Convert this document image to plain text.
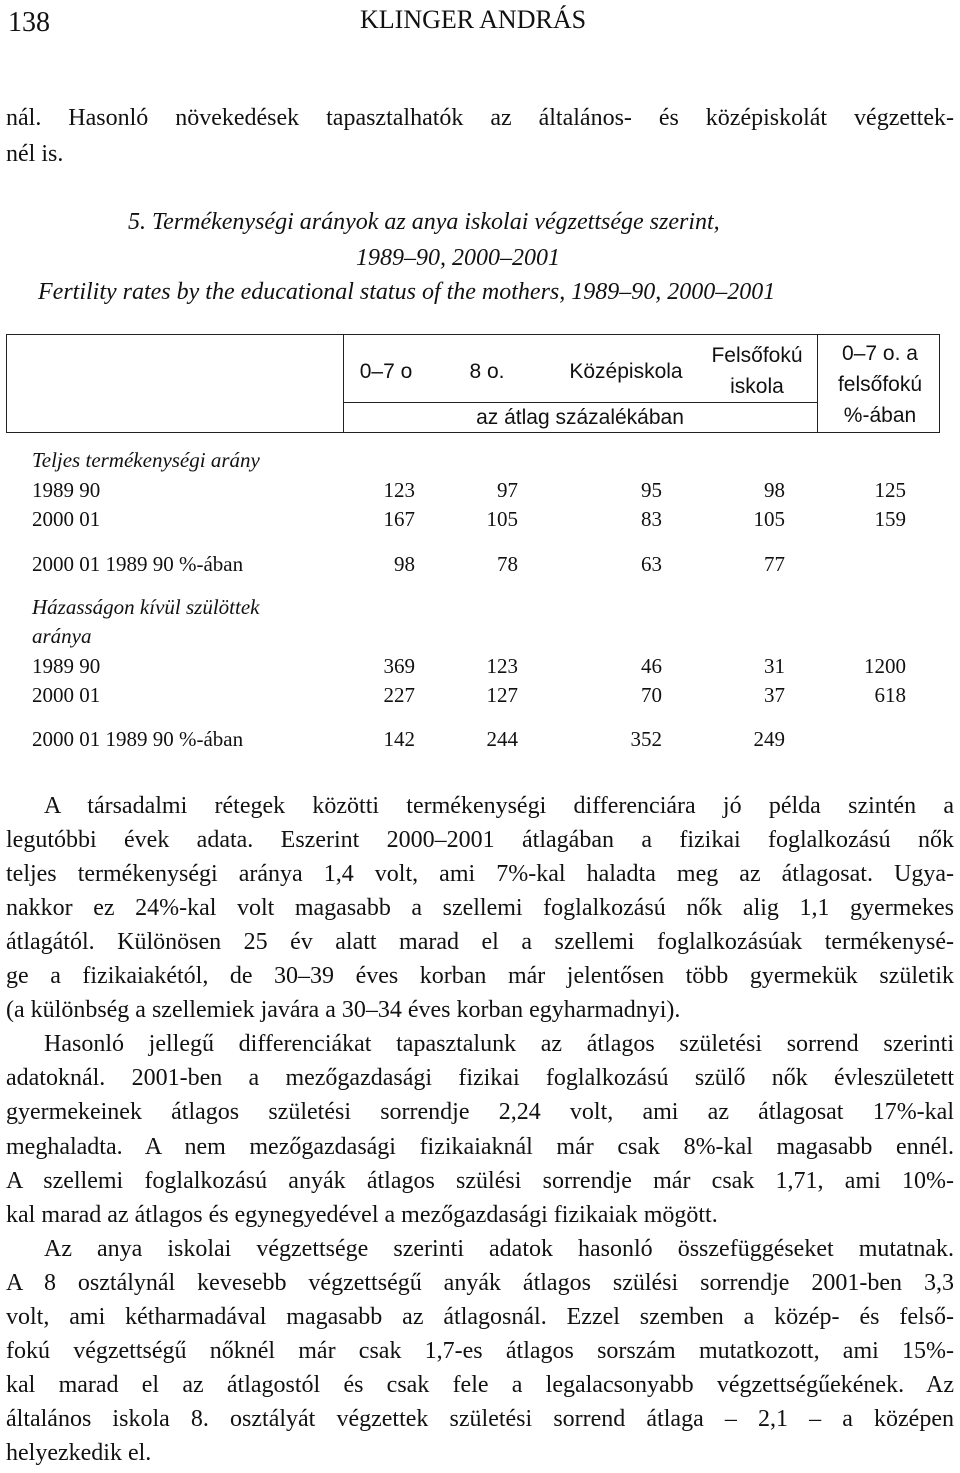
138	KLINGER ANDRÁS
nál. Hasonló növekedések tapasztalhatók az általános- és középiskolát végzettek-
nél is.
5. Termékenységi arányok az anya iskolai végzettsége szerint,
1989–90, 2000–2001
Fertility rates by the educational status of the mothers, 1989–90, 2000–2001
0–7 o	8 o.	Középiskola
Felsőfokú
iskola
0–7 o. a
felsőfokú
%-ában
az átlag százalékában
Teljes termékenységi arány
1989 90	123	97	95	98	125
2000 01	167	105	83	105	159
2000 01 1989 90 %-ában	98	78	63	77
Házasságon kívül szülöttek
aránya
1989 90	369	123	46	31	1200
2000 01	227	127	70	37	618
2000 01 1989 90 %-ában	142	244	352	249
A társadalmi rétegek közötti termékenységi differenciára jó példa szintén a
legutóbbi évek adata. Eszerint 2000–2001 átlagában a fizikai foglalkozású nők
teljes termékenységi aránya 1,4 volt, ami 7%-kal haladta meg az átlagosat. Ugya-
nakkor ez 24%-kal volt magasabb a szellemi foglalkozású nők alig 1,1 gyermekes
átlagától. Különösen 25 év alatt marad el a szellemi foglalkozásúak termékenysé-
ge a fizikaiakétól, de 30–39 éves korban már jelentősen több gyermekük születik
(a különbség a szellemiek javára a 30–34 éves korban egyharmadnyi).
Hasonló jellegű differenciákat tapasztalunk az átlagos születési sorrend szerinti
adatoknál. 2001-ben a mezőgazdasági fizikai foglalkozású szülő nők évleszületett
gyermekeinek átlagos születési sorrendje 2,24 volt, ami az átlagosat 17%-kal
meghaladta. A nem mezőgazdasági fizikaiaknál már csak 8%-kal magasabb ennél.
A szellemi foglalkozású anyák átlagos szülési sorrendje már csak 1,71, ami 10%-
kal marad az átlagos és egynegyedével a mezőgazdasági fizikaiak mögött.
Az anya iskolai végzettsége szerinti adatok hasonló összefüggéseket mutatnak.
A 8 osztálynál kevesebb végzettségű anyák átlagos szülési sorrendje 2001-ben 3,3
volt, ami kétharmadával magasabb az átlagosnál. Ezzel szemben a közép- és felső-
fokú végzettségű nőknél már csak 1,7-es átlagos sorszám mutatkozott, ami 15%-
kal marad el az átlagostól és csak fele a legalacsonyabb végzettségűekének. Az
általános iskola 8. osztályát végzettek születési sorrend átlaga – 2,1 – a középen
helyezkedik el.
